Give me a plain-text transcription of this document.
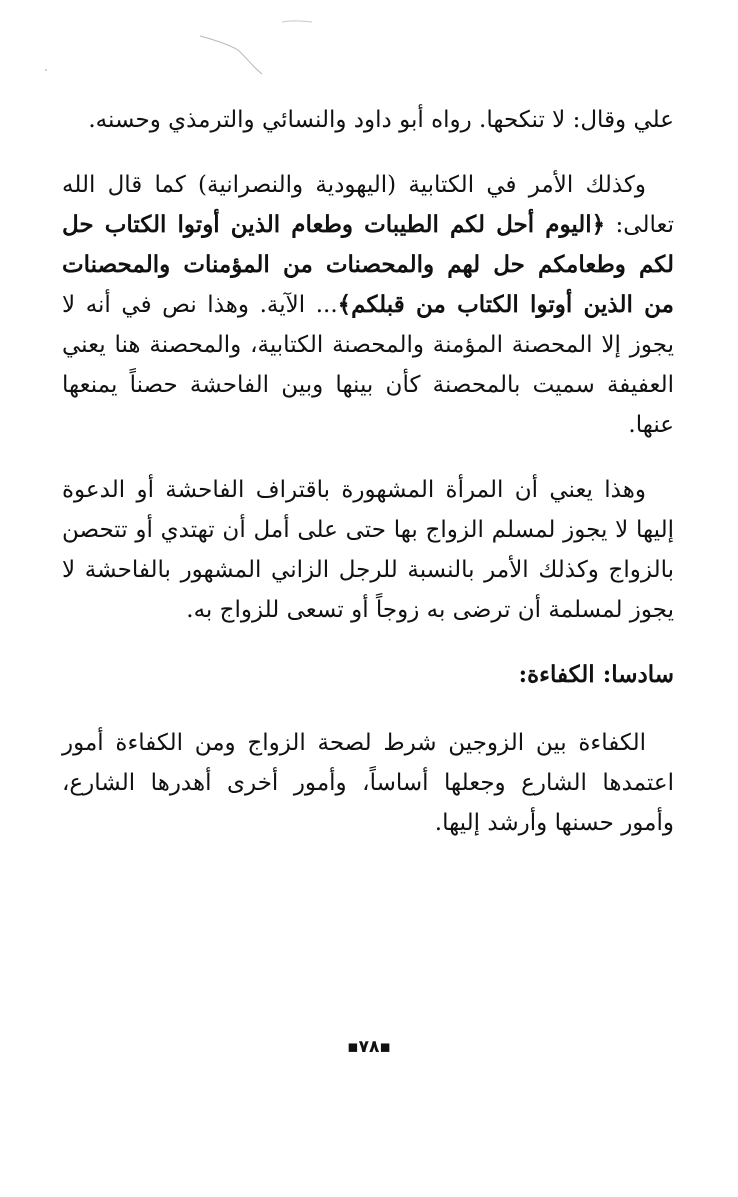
علي وقال: لا تنكحها. رواه أبو داود والنسائي والترمذي وحسنه.

وكذلك الأمر في الكتابية (اليهودية والنصرانية) كما قال الله تعالى: ﴿اليوم أحل لكم الطيبات وطعام الذين أوتوا الكتاب حل لكم وطعامكم حل لهم والمحصنات من المؤمنات والمحصنات من الذين أوتوا الكتاب من قبلكم﴾... الآية. وهذا نص في أنه لا يجوز إلا المحصنة المؤمنة والمحصنة الكتابية، والمحصنة هنا يعني العفيفة سميت بالمحصنة كأن بينها وبين الفاحشة حصناً يمنعها عنها.

وهذا يعني أن المرأة المشهورة باقتراف الفاحشة أو الدعوة إليها لا يجوز لمسلم الزواج بها حتى على أمل أن تهتدي أو تتحصن بالزواج وكذلك الأمر بالنسبة للرجل الزاني المشهور بالفاحشة لا يجوز لمسلمة أن ترضى به زوجاً أو تسعى للزواج به.

سادسا: الكفاءة:

الكفاءة بين الزوجين شرط لصحة الزواج ومن الكفاءة أمور اعتمدها الشارع وجعلها أساساً، وأمور أخرى أهدرها الشارع، وأمور حسنها وأرشد إليها.

▪٧٨▪
